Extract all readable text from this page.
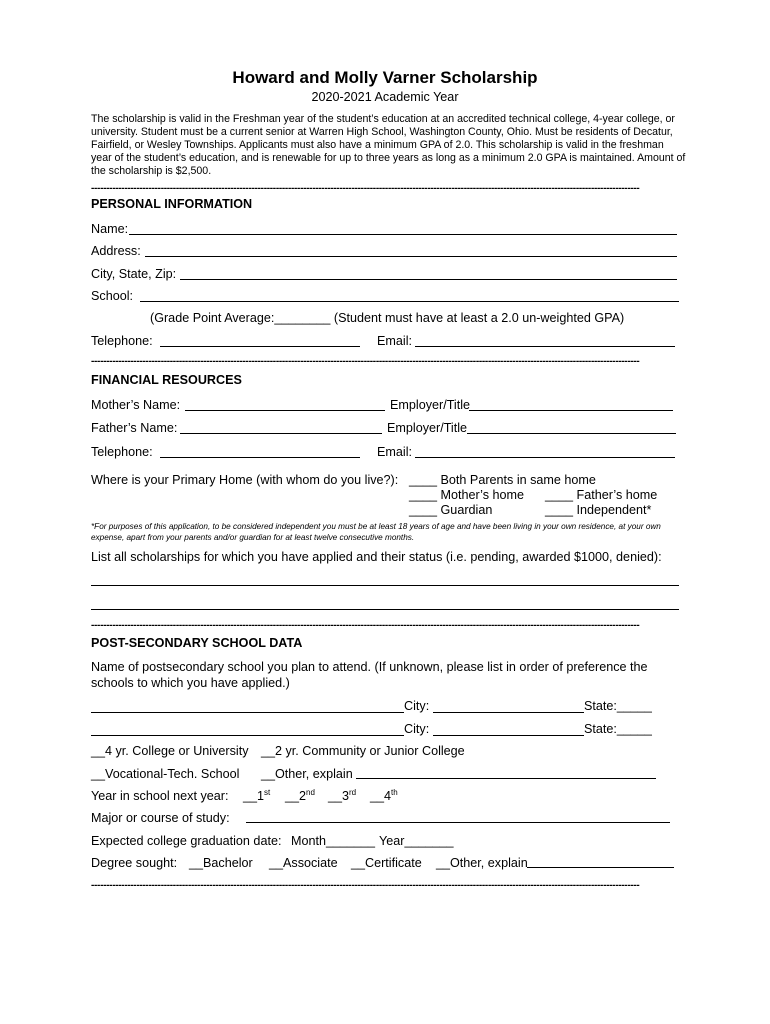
Howard and Molly Varner Scholarship
2020-2021 Academic Year
The scholarship is valid in the Freshman year of the student’s education at an accredited technical college, 4-year college, or university. Student must be a current senior at Warren High School, Washington County, Ohio. Must be residents of Decatur, Fairfield, or Wesley Townships. Applicants must also have a minimum GPA of 2.0. This scholarship is valid in the freshman year of the student’s education, and is renewable for up to three years as long as a minimum 2.0 GPA is maintained. Amount of the scholarship is $2,500.
-------------------------------------------------------------------------------------------------------------------------------------------------------------------------------------
PERSONAL INFORMATION
Name:
Address:
City, State, Zip:
School:
(Grade Point Average:________ (Student must have at least a 2.0 un-weighted GPA)
Telephone:	Email:
-------------------------------------------------------------------------------------------------------------------------------------------------------------------------------------
FINANCIAL RESOURCES
Mother’s Name:	Employer/Title
Father’s Name:	Employer/Title
Telephone:	Email:
Where is your Primary Home (with whom do you live?): ____ Both Parents in same home
____ Mother’s home ____ Father’s home
____ Guardian	____ Independent*
*For purposes of this application, to be considered independent you must be at least 18 years of age and have been living in your own residence, at your own expense, apart from your parents and/or guardian for at least twelve consecutive months.
List all scholarships for which you have applied and their status (i.e. pending, awarded $1000, denied):
-------------------------------------------------------------------------------------------------------------------------------------------------------------------------------------
POST-SECONDARY SCHOOL DATA
Name of postsecondary school you plan to attend. (If unknown, please list in order of preference the schools to which you have applied.)
City:	State:_____
City:	State:_____
__4 yr. College or University __2 yr. Community or Junior College
__Vocational-Tech. School __Other, explain
Year in school next year: __1st __2nd __3rd __4th
Major or course of study:
Expected college graduation date: Month_______ Year_______
Degree sought: __Bachelor __Associate __Certificate __Other, explain
-------------------------------------------------------------------------------------------------------------------------------------------------------------------------------------
